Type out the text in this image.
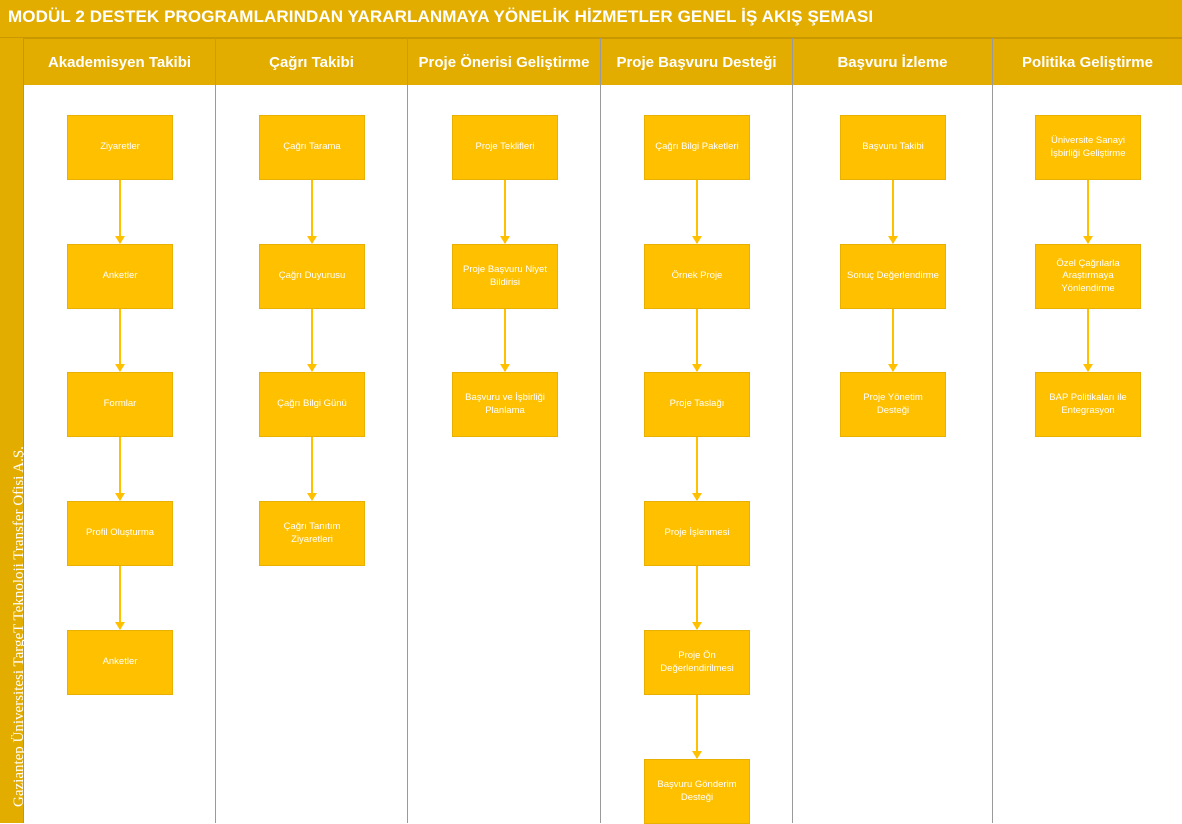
MODÜL 2 DESTEK PROGRAMLARINDAN YARARLANMAYA YÖNELİK HİZMETLER GENEL İŞ AKIŞ ŞEMASI
Gaziantep Üniversitesi TargeT Teknoloji Transfer Ofisi A.Ş.
Akademisyen Takibi
Ziyaretler
Anketler
Formlar
Profil Oluşturma
Anketler
Çağrı Takibi
Çağrı Tarama
Çağrı Duyurusu
Çağrı Bilgi Günü
Çağrı Tanıtım Ziyaretleri
Proje Önerisi Geliştirme
Proje Teklifleri
Proje Başvuru Niyet Bildirisi
Başvuru ve İşbirliği Planlama
Proje Başvuru Desteği
Çağrı Bilgi Paketleri
Örnek Proje
Proje Taslağı
Proje İşlenmesi
Proje Ön Değerlendirilmesi
Başvuru Gönderim Desteği
Başvuru İzleme
Başvuru Takibi
Sonuç Değerlendirme
Proje Yönetim Desteği
Politika Geliştirme
Üniversite Sanayi İşbirliği Geliştirme
Özel Çağrılarla Araştırmaya Yönlendirme
BAP Politikaları ile Entegrasyon
